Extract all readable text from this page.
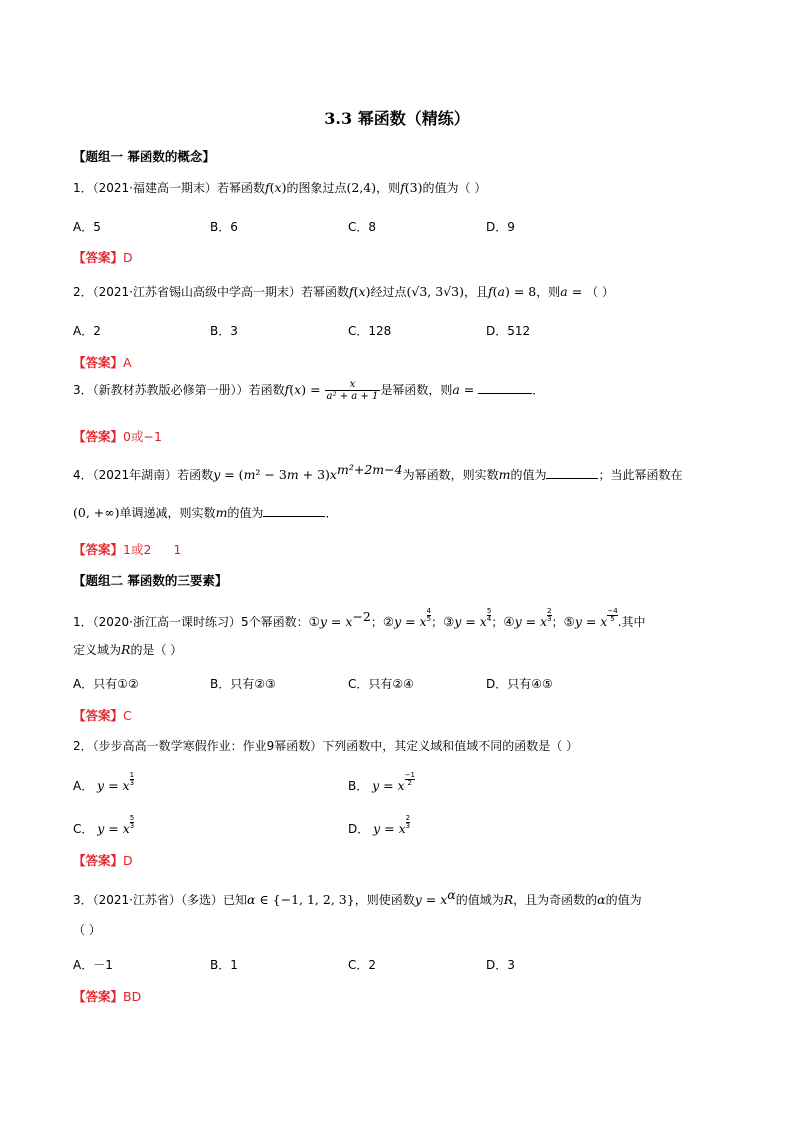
3.3 幂函数（精练）
【题组一 幂函数的概念】
1．（2021·福建高一期末）若幂函数f(x)的图象过点(2,4)，则f(3)的值为（ ）
A．5	B．6	C．8	D．9
【答案】D
2．（2021·江苏省锡山高级中学高一期末）若幂函数f(x)经过点(√3, 3√3)，且f(a) = 8，则a = （ ）
A．2	B．3	C．128	D．512
【答案】A
3．（新教材苏教版必修第一册））若函数$f(x) = \frac{x}{\text{a² + a + 1}}$ 是幂函数，则a =	．
【答案】0或−1
4．（2021年湖南）若函数$y = (m^2 - 3m + 3)x^{m^2+2m-4}$为幂函数，则实数m的值为	；当此幂函数在
(0, +∞)单调递减，则实数m的值为	．
【答案】1或2 1
【题组二 幂函数的三要素】
1．（2020·浙江高一课时练习）5个幂函数：①y = $x^{-2}$；②y = x $\frac{4}{5}$ ；③y = x $\frac{5}{4}$ ；④y = x $\frac{2}{3}$ ；⑤y = x $\frac{-4}{5}$ .其中
定义域为R的是（ ）
A．只有①②	B．只有②③	C．只有②④	D．只有④⑤
【答案】C
2．（步步高高一数学寒假作业：作业9幂函数）下列函数中，其定义域和值域不同的函数是（ ）
A． y = x $\frac{1}{3}$	B． y = x $\frac{-1}{2}$
C． y = x $\frac{5}{3}$	D． y = x $\frac{2}{3}$
【答案】D
3．（2021·江苏省）（多选）已知α ∈ {−1, 1, 2, 3}，则使函数$y = x^\alpha$的值域为R，且为奇函数的α的值为
（ ）
A．－1	B．1	C．2	D．3
【答案】BD
